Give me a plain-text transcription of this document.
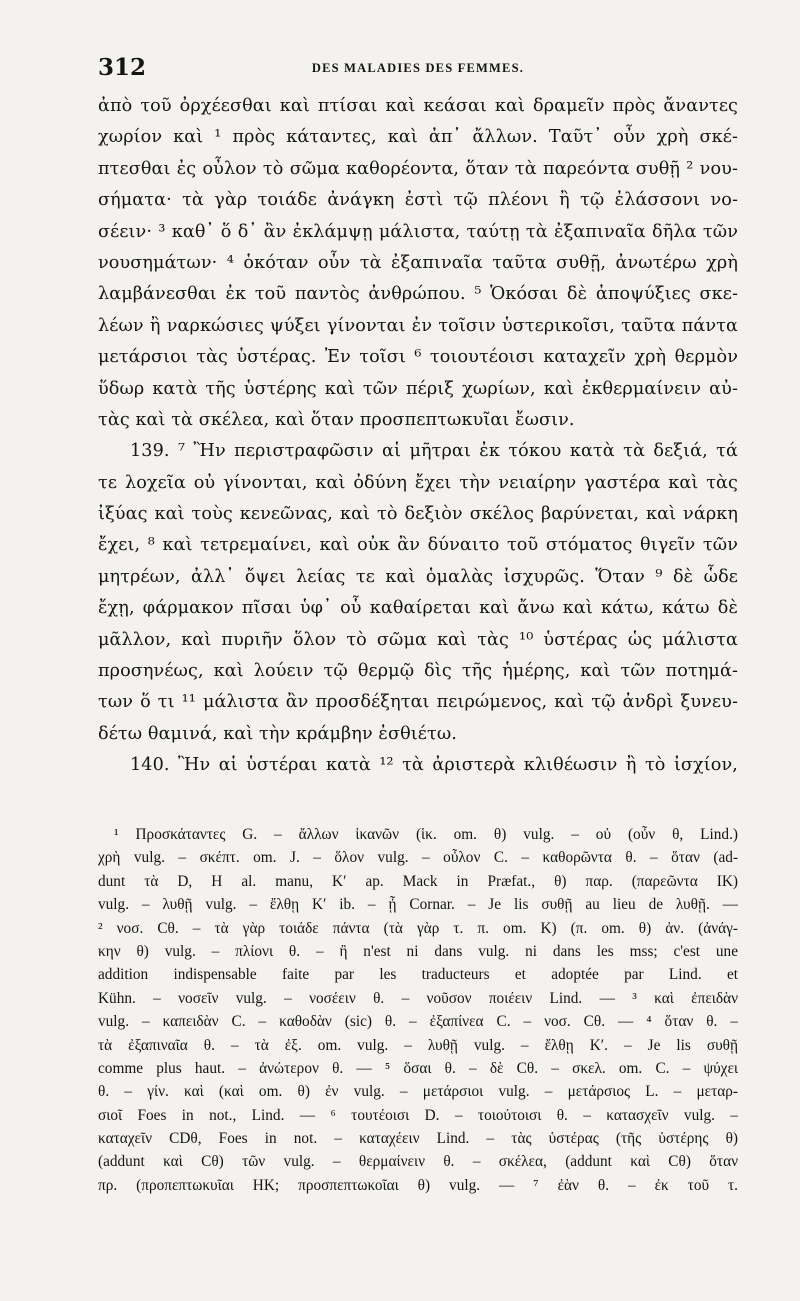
312	DES MALADIES DES FEMMES.
ἀπὸ τοῦ ὀρχέεσθαι καὶ πτίσαι καὶ κεάσαι καὶ δραμεῖν πρὸς ἄναντες
χωρίον καὶ ¹ πρὸς κάταντες, καὶ ἀπ᾽ ἄλλων. Ταῦτ᾽ οὖν χρὴ σκέ-
πτεσθαι ἐς οὖλον τὸ σῶμα καθορέοντα, ὅταν τὰ παρεόντα συθῇ ² νου-
σήματα· τὰ γὰρ τοιάδε ἀνάγκη ἐστὶ τῷ πλέονι ἢ τῷ ἐλάσσονι νο-
σέειν· ³ καθ᾽ ὅ δ᾽ ἂν ἐκλάμψῃ μάλιστα, ταύτῃ τὰ ἐξαπιναῖα δῆλα τῶν
νουσημάτων· ⁴ ὁκόταν οὖν τὰ ἐξαπιναῖα ταῦτα συθῇ, ἀνωτέρω χρὴ
λαμβάνεσθαι ἐκ τοῦ παντὸς ἀνθρώπου. ⁵ Ὁκόσαι δὲ ἀποψύξιες σκε-
λέων ἢ ναρκώσιες ψύξει γίνονται ἐν τοῖσιν ὑστερικοῖσι, ταῦτα πάντα
μετάρσιοι τὰς ὑστέρας. Ἐν τοῖσι ⁶ τοιουτέοισι καταχεῖν χρὴ θερμὸν
ὕδωρ κατὰ τῆς ὑστέρης καὶ τῶν πέριξ χωρίων, καὶ ἐκθερμαίνειν αὐ-
τὰς καὶ τὰ σκέλεα, καὶ ὅταν προσπεπτωκυῖαι ἔωσιν.
139. ⁷ Ἢν περιστραφῶσιν αἱ μῆτραι ἐκ τόκου κατὰ τὰ δεξιά, τά
τε λοχεῖα οὐ γίνονται, καὶ ὀδύνη ἔχει τὴν νειαίρην γαστέρα καὶ τὰς
ἰξύας καὶ τοὺς κενεῶνας, καὶ τὸ δεξιὸν σκέλος βαρύνεται, καὶ νάρκη
ἔχει, ⁸ καὶ τετρεμαίνει, καὶ οὐκ ἂν δύναιτο τοῦ στόματος θιγεῖν τῶν
μητρέων, ἀλλ᾽ ὄψει λείας τε καὶ ὁμαλὰς ἰσχυρῶς. Ὅταν ⁹ δὲ ὧδε
ἔχῃ, φάρμακον πῖσαι ὑφ᾽ οὗ καθαίρεται καὶ ἄνω καὶ κάτω, κάτω δὲ
μᾶλλον, καὶ πυριῆν ὅλον τὸ σῶμα καὶ τὰς ¹⁰ ὑστέρας ὡς μάλιστα
προσηνέως, καὶ λούειν τῷ θερμῷ δὶς τῆς ἡμέρης, καὶ τῶν ποτημά-
των ὅ τι ¹¹ μάλιστα ἂν προσδέξηται πειρώμενος, καὶ τῷ ἀνδρὶ ξυνευ-
δέτω θαμινά, καὶ τὴν κράμβην ἐσθιέτω.
140. Ἢν αἱ ὑστέραι κατὰ ¹² τὰ ἀριστερὰ κλιθέωσιν ἢ τὸ ἰσχίον,
¹ Προσκάταντες G. – ἄλλων ἱκανῶν (ἱκ. om. θ) vulg. – οὐ (οὖν θ, Lind.)
χρὴ vulg. – σκέπτ. om. J. – ὅλον vulg. – οὖλον C. – καθορῶντα θ. – ὅταν (ad-
dunt τὰ D, H al. manu, K′ ap. Mack in Præfat., θ) παρ. (παρεῶντα IK)
vulg. – λυθῇ vulg. – ἔλθῃ K′ ib. – ᾖ Cornar. – Je lis συθῇ au lieu de λυθῇ. —
² νοσ. Cθ. – τὰ γὰρ τοιάδε πάντα (τὰ γὰρ τ. π. om. K) (π. om. θ) ἀν. (ἀνάγ-
κην θ) vulg. – πλίονι θ. – ἢ n'est ni dans vulg. ni dans les mss; c'est une
addition indispensable faite par les traducteurs et adoptée par Lind. et
Kühn. – νοσεῖν vulg. – νοσέειν θ. – νοῦσον ποιέειν Lind. — ³ καὶ ἐπειδὰν
vulg. – καπειδὰν C. – καθοδὰν (sic) θ. – ἐξαπίνεα C. – νοσ. Cθ. — ⁴ ὅταν θ. –
τὰ ἐξαπιναῖα θ. – τὰ ἐξ. om. vulg. – λυθῇ vulg. – ἔλθῃ K′. – Je lis συθῇ
comme plus haut. – ἀνώτερον θ. — ⁵ ὅσαι θ. – δὲ Cθ. – σκελ. om. C. – ψύχει
θ. – γίν. καὶ (καὶ om. θ) ἐν vulg. – μετάρσιοι vulg. – μετάρσιος L. – μεταρ-
σιοῖ Foes in not., Lind. — ⁶ τουτέοισι D. – τοιούτοισι θ. – κατασχεῖν vulg. –
καταχεῖν CDθ, Foes in not. – καταχέειν Lind. – τὰς ὑστέρας (τῆς ὑστέρης θ)
(addunt καὶ Cθ) τῶν vulg. – θερμαίνειν θ. – σκέλεα, (addunt καὶ Cθ) ὅταν
πρ. (προπεπτωκυῖαι HK; προσπεπτωκοῖαι θ) vulg. — ⁷ ἐὰν θ. – ἐκ τοῦ τ.
